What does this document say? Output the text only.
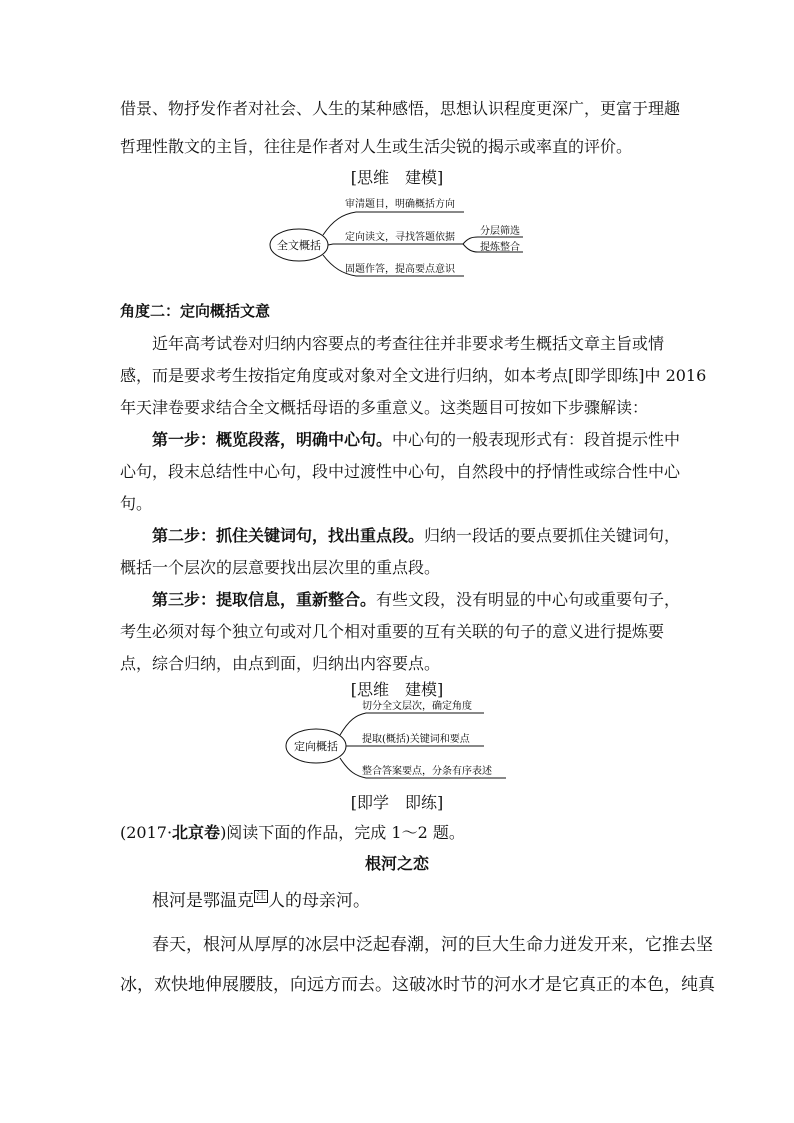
借景、物抒发作者对社会、人生的某种感悟，思想认识程度更深广，更富于理趣
哲理性散文的主旨，往往是作者对人生或生活尖锐的揭示或率直的评价。
[思维　建模]
全文概括
审清题目，明确概括方向
定向读文，寻找答题依据
固题作答，提高要点意识
分层筛选
提炼整合
角度二：定向概括文意
近年高考试卷对归纳内容要点的考查往往并非要求考生概括文章主旨或情
感，而是要求考生按指定角度或对象对全文进行归纳，如本考点[即学即练]中 2016
年天津卷要求结合全文概括母语的多重意义。这类题目可按如下步骤解读：
第一步：概览段落，明确中心句。中心句的一般表现形式有：段首提示性中
心句，段末总结性中心句，段中过渡性中心句，自然段中的抒情性或综合性中心
句。
第二步：抓住关键词句，找出重点段。归纳一段话的要点要抓住关键词句，
概括一个层次的层意要找出层次里的重点段。
第三步：提取信息，重新整合。有些文段，没有明显的中心句或重要句子，
考生必须对每个独立句或对几个相对重要的互有关联的句子的意义进行提炼要
点，综合归纳，由点到面，归纳出内容要点。
[思维　建模]
定向概括
切分全文层次，确定角度
提取(概括)关键词和要点
整合答案要点，分条有序表述
[即学　即练]
(2017·北京卷)阅读下面的作品，完成 1～2 题。
根河之恋
根河是鄂温克 $^注$ 人的母亲河。
春天，根河从厚厚的冰层中泛起春潮，河的巨大生命力迸发开来，它推去坚
冰，欢快地伸展腰肢，向远方而去。这破冰时节的河水才是它真正的本色，纯真
